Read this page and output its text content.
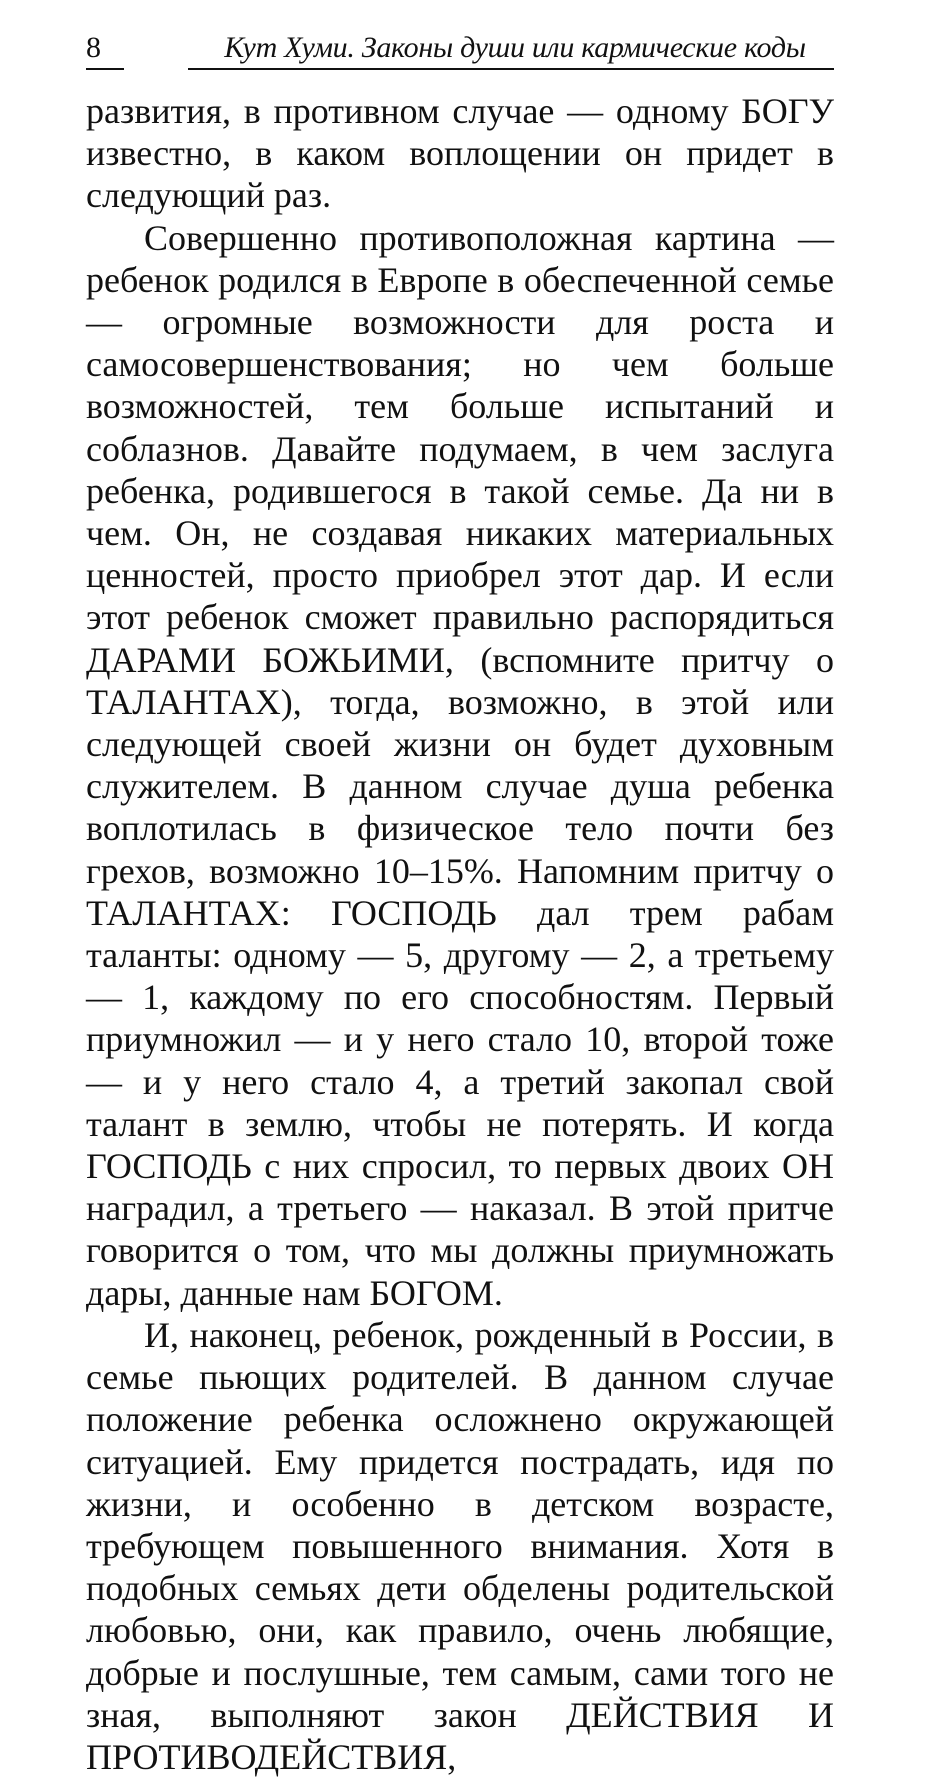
8	Кут Хуми. Законы души или кармические коды

развития, в противном случае — одному БОГУ известно, в каком воплощении он придет в следующий раз.

Совершенно противоположная картина — ребенок родился в Европе в обеспеченной семье — огромные возможности для роста и самосовершенствования; но чем больше возможностей, тем больше испытаний и соблазнов. Давайте подумаем, в чем заслуга ребенка, родившегося в такой семье. Да ни в чем. Он, не создавая никаких материальных ценностей, просто приобрел этот дар. И если этот ребенок сможет правильно распорядиться ДАРАМИ БОЖЬИМИ, (вспомните притчу о ТАЛАНТАХ), тогда, возможно, в этой или следующей своей жизни он будет духовным служителем. В данном случае душа ребенка воплотилась в физическое тело почти без грехов, возможно 10–15%. Напомним притчу о ТАЛАНТАХ: ГОСПОДЬ дал трем рабам таланты: одному — 5, другому — 2, а третьему — 1, каждому по его способностям. Первый приумножил — и у него стало 10, второй тоже — и у него стало 4, а третий закопал свой талант в землю, чтобы не потерять. И когда ГОСПОДЬ с них спросил, то первых двоих ОН наградил, а третьего — наказал. В этой притче говорится о том, что мы должны приумножать дары, данные нам БОГОМ.

И, наконец, ребенок, рожденный в России, в семье пьющих родителей. В данном случае положение ребенка осложнено окружающей ситуацией. Ему придется пострадать, идя по жизни, и особенно в детском возрасте, требующем повышенного внимания. Хотя в подобных семьях дети обделены родительской любовью, они, как правило, очень любящие, добрые и послушные, тем самым, сами того не зная, выполняют закон ДЕЙСТВИЯ И ПРОТИВОДЕЙСТВИЯ,
